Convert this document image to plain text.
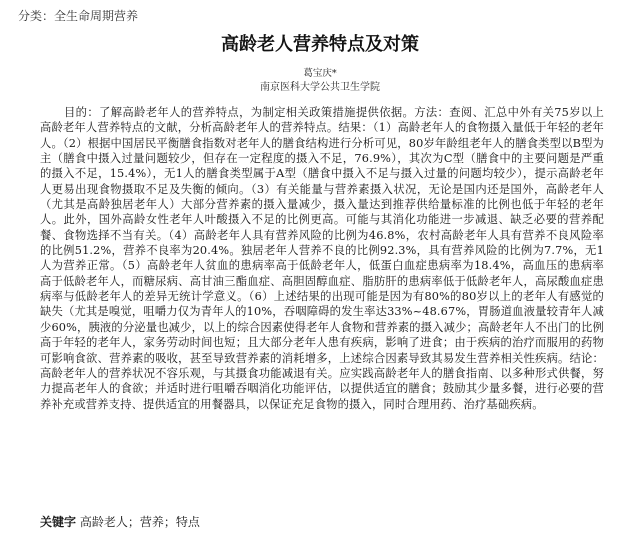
分类：全生命周期营养
高龄老人营养特点及对策
葛宝庆*
南京医科大学公共卫生学院

目的：了解高龄老年人的营养特点，为制定相关政策措施提供依据。方法：查阅、汇总中外有关75岁以上高龄老年人营养特点的文献，分析高龄老年人的营养特点。结果：（1）高龄老年人的食物摄入量低于年轻的老年人。（2）根据中国居民平衡膳食指数对老年人的膳食结构进行分析可见，80岁年龄组老年人的膳食类型以B型为主（膳食中摄入过量问题较少，但存在一定程度的摄入不足，76.9%），其次为C型（膳食中的主要问题是严重的摄入不足，15.4%），无1人的膳食类型属于A型（膳食中摄入不足与摄入过量的问题均较少），提示高龄老年人更易出现食物摄取不足及失衡的倾向。（3）有关能量与营养素摄入状况，无论是国内还是国外，高龄老年人（尤其是高龄独居老年人）大部分营养素的摄入量减少，摄入量达到推荐供给量标准的比例也低于年轻的老年人。此外，国外高龄女性老年人叶酸摄入不足的比例更高。可能与其消化功能进一步减退、缺乏必要的营养配餐、食物选择不当有关。（4）高龄老年人具有营养风险的比例为46.8%，农村高龄老年人具有营养不良风险率的比例51.2%，营养不良率为20.4%。独居老年人营养不良的比例92.3%，具有营养风险的比例为7.7%，无1人为营养正常。（5）高龄老年人贫血的患病率高于低龄老年人，低蛋白血症患病率为18.4%，高血压的患病率高于低龄老年人，而糖尿病、高甘油三酯血症、高胆固醇血症、脂肪肝的患病率低于低龄老年人，高尿酸血症患病率与低龄老年人的差异无统计学意义。（6）上述结果的出现可能是因为有80%的80岁以上的老年人有感觉的缺失（尤其是嗅觉，咀嚼力仅为青年人的10%，吞咽障碍的发生率达33%~48.67%，胃肠道血液量较青年人减少60%，胰液的分泌量也减少，以上的综合因素使得老年人食物和营养素的摄入减少；高龄老年人不出门的比例高于年轻的老年人，家务劳动时间也短；且大部分老年人患有疾病，影响了进食；由于疾病的治疗而服用的药物可影响食欲、营养素的吸收，甚至导致营养素的消耗增多，上述综合因素导致其易发生营养相关性疾病。结论：高龄老年人的营养状况不容乐观，与其摄食功能减退有关。应实践高龄老年人的膳食指南、以多种形式供餐，努力提高老年人的食欲；并适时进行咀嚼吞咽消化功能评估，以提供适宜的膳食；鼓励其少量多餐，进行必要的营养补充或营养支持、提供适宜的用餐器具，以保证充足食物的摄入，同时合理用药、治疗基础疾病。

关键字 高龄老人；营养；特点
